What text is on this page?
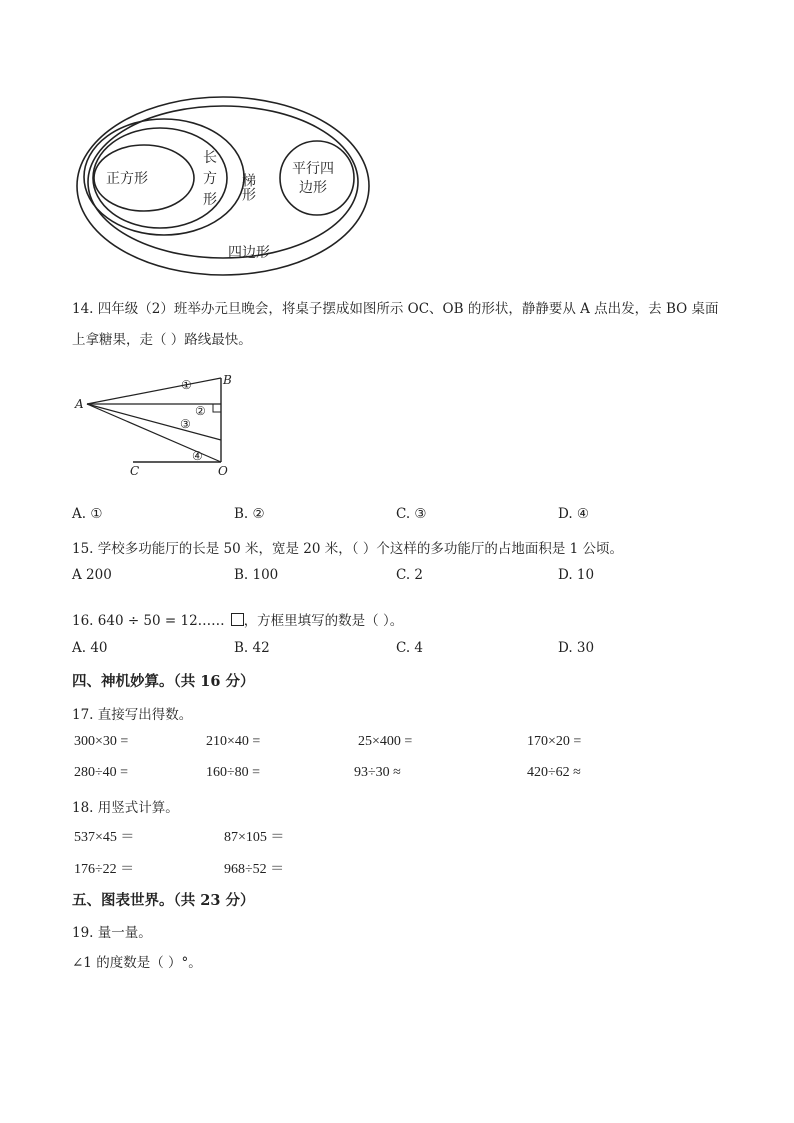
正方形
长
方
形 梯形
平行四
边形
四边形
14. 四年级（2）班举办元旦晚会，将桌子摆成如图所示 OC、OB 的形状，静静要从 A 点出发，去 BO 桌面
上拿糖果，走（ ）路线最快。
A
B
C	O
①
②
③
④
A. ①	B. ②	C. ③	D. ④
15. 学校多功能厅的长是 50 米，宽是 20 米，（ ）个这样的多功能厅的占地面积是 1 公顷。
A 200	B. 100	C. 2	D. 10
16. 640 ÷ 50 = 12…… ，方框里填写的数是（ ）。
A. 40	B. 42	C. 4	D. 30
四、神机妙算。（共 16 分）
17. 直接写出得数。
300×30 =	210×40 =	25×400 =	170×20 =
280÷40 =	160÷80 =	93÷30 ≈	420÷62 ≈
18. 用竖式计算。
537×45 ＝	87×105 ＝
176÷22 ＝	968÷52 ＝
五、图表世界。（共 23 分）
19. 量一量。
∠1 的度数是（ ）°。
